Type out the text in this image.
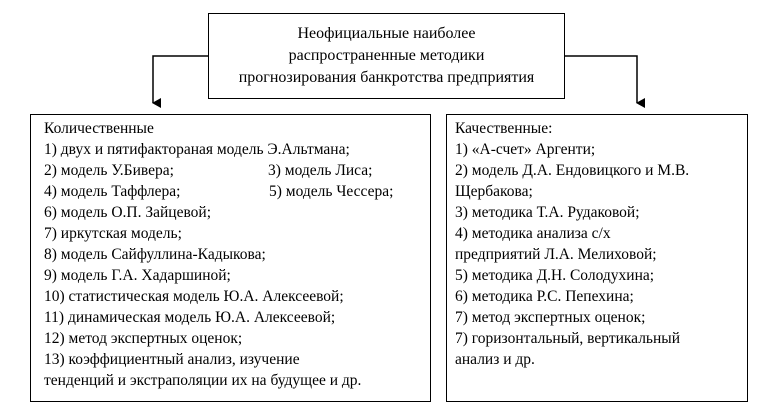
Неофициальные наиболее
распространенные методики
прогнозирования банкротства предприятия
Количественные
1) двух и пятифактораная модель Э.Альтмана;
2) модель У.Бивера;	3) модель Лиса;
4) модель Таффлера;	5) модель Чессера;
6) модель О.П. Зайцевой;
7) иркутская модель;
8) модель Сайфуллина-Кадыкова;
9) модель Г.А. Хадаршиной;
10) статистическая модель Ю.А. Алексеевой;
11) динамическая модель Ю.А. Алексеевой;
12) метод экспертных оценок;
13) коэффициентный анализ, изучение
тенденций и экстраполяции их на будущее и др.
Качественные:
1) «А-счет» Аргенти;
2) модель Д.А. Ендовицкого и М.В.
Щербакова;
3) методика Т.А. Рудаковой;
4) методика анализа с/х
предприятий Л.А. Мелиховой;
5) методика Д.Н. Солодухина;
6) методика Р.С. Пепехина;
7) метод экспертных оценок;
7) горизонтальный, вертикальный
анализ и др.
